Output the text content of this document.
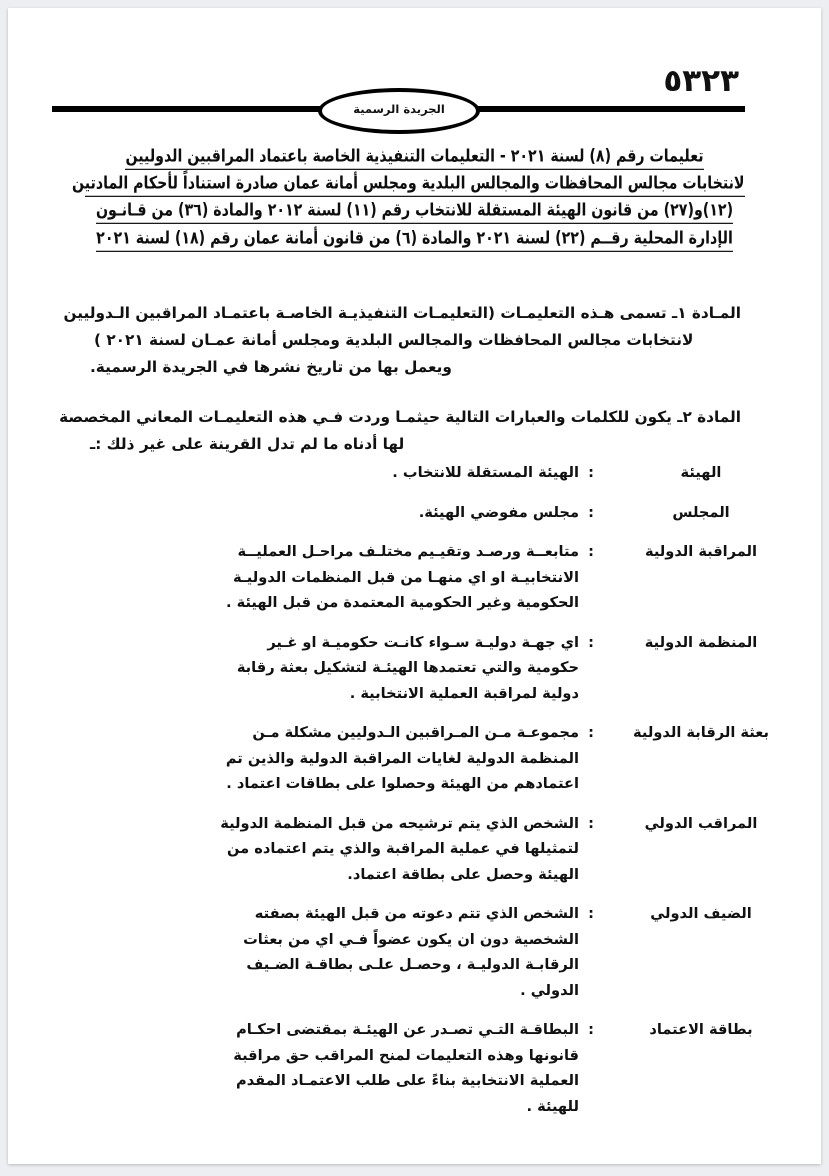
٥٣٢٣
الجريدة الرسمية
تعليمات رقم (٨) لسنة ٢٠٢١ - التعليمات التنفيذية الخاصة باعتماد المراقبين الدوليين
لانتخابات مجالس المحافظات والمجالس البلدية ومجلس أمانة عمان صادرة استناداً لأحكام المادتين
(١٢)و(٢٧) من قانون الهيئة المستقلة للانتخاب رقم (١١) لسنة ٢٠١٢ والمادة (٣٦) من قـانـون
الإدارة المحلية رقــم (٢٢) لسنة ٢٠٢١ والمادة (٦) من قانون أمانة عمان رقم (١٨) لسنة ٢٠٢١
المـادة ١ـ تسمى هـذه التعليمـات (التعليمـات التنفيذيـة الخاصـة باعتمـاد المراقبين الـدوليين
لانتخابات مجالس المحافظات والمجالس البلدية ومجلس أمانة عمـان لسنة ٢٠٢١ )
ويعمل بها من تاريخ نشرها في الجريدة الرسمية.
المادة ٢ـ يكون للكلمات والعبارات التالية حيثمـا وردت فـي هذه التعليمـات المعاني المخصصة
لها أدناه ما لم تدل القرينة على غير ذلك :ـ
الهيئة
:
الهيئة المستقلة للانتخاب .
المجلس
:
مجلس مفوضي الهيئة.
المراقبة الدولية
:
متابعــة ورصـد وتقيـيم مختلـف مراحـل العمليــة
الانتخابيـة او اي منهـا من قبل المنظمات الدوليـة
الحكومية وغير الحكومية المعتمدة من قبل الهيئة .
المنظمة الدولية
:
اي جهـة دوليـة سـواء كانـت حكوميـة او غـير
حكومية والتي تعتمدها الهيئـة لتشكيل بعثة رقابة
دولية لمراقبة العملية الانتخابية .
بعثة الرقابة الدولية
:
مجموعـة مـن المـراقبين الـدوليين مشكلة مـن
المنظمة الدولية لغايات المراقبة الدولية والذين تم
اعتمادهم من الهيئة وحصلوا على بطاقات اعتماد .
المراقب الدولي
:
الشخص الذي يتم ترشيحه من قبل المنظمة الدولية
لتمثيلها في عملية المراقبة والذي يتم اعتماده من
الهيئة وحصل على بطاقة اعتماد.
الضيف الدولي
:
الشخص الذي تتم دعوته من قبل الهيئة بصفته
الشخصية دون ان يكون عضواً فـي اي من بعثات
الرقابـة الدوليـة ، وحصـل علـى بطاقـة الضـيف
الدولي .
بطاقة الاعتماد
:
البطاقـة التـي تصـدر عن الهيئـة بمقتضى احكـام
قانونها وهذه التعليمات لمنح المراقب حق مراقبة
العملية الانتخابية بناءً على طلب الاعتمـاد المقدم
للهيئة .
